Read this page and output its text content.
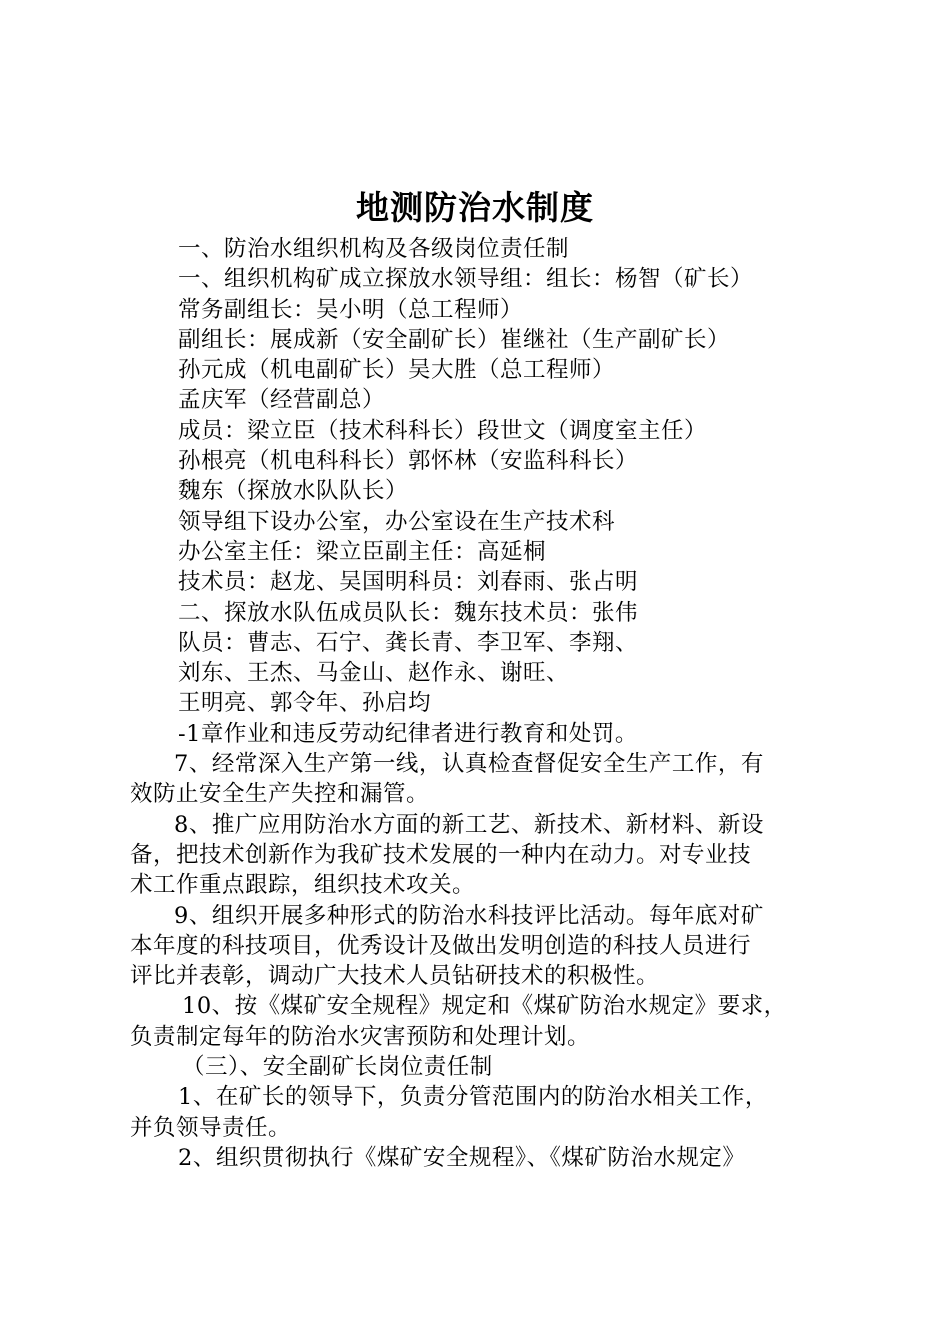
地测防治水制度
一、防治水组织机构及各级岗位责任制
一、组织机构矿成立探放水领导组：组长：杨智（矿长）
常务副组长：吴小明（总工程师）
副组长：展成新（安全副矿长）崔继社（生产副矿长）
孙元成（机电副矿长）吴大胜（总工程师）
孟庆军（经营副总）
成员：梁立臣（技术科科长）段世文（调度室主任）
孙根亮（机电科科长）郭怀林（安监科科长）
魏东（探放水队队长）
领导组下设办公室，办公室设在生产技术科
办公室主任：梁立臣副主任：高延桐
技术员：赵龙、吴国明科员：刘春雨、张占明
二、探放水队伍成员队长：魏东技术员：张伟
队员：曹志、石宁、龚长青、李卫军、李翔、
刘东、王杰、马金山、赵作永、谢旺、
王明亮、郭令年、孙启均
-1章作业和违反劳动纪律者进行教育和处罚。
7、经常深入生产第一线，认真检查督促安全生产工作，有
效防止安全生产失控和漏管。
8、推广应用防治水方面的新工艺、新技术、新材料、新设
备，把技术创新作为我矿技术发展的一种内在动力。对专业技
术工作重点跟踪，组织技术攻关。
9、组织开展多种形式的防治水科技评比活动。每年底对矿
本年度的科技项目，优秀设计及做出发明创造的科技人员进行
评比并表彰，调动广大技术人员钻研技术的积极性。
10、按《煤矿安全规程》规定和《煤矿防治水规定》要求，
负责制定每年的防治水灾害预防和处理计划。
（三）、安全副矿长岗位责任制
1、在矿长的领导下，负责分管范围内的防治水相关工作，
并负领导责任。
2、组织贯彻执行《煤矿安全规程》、《煤矿防治水规定》
